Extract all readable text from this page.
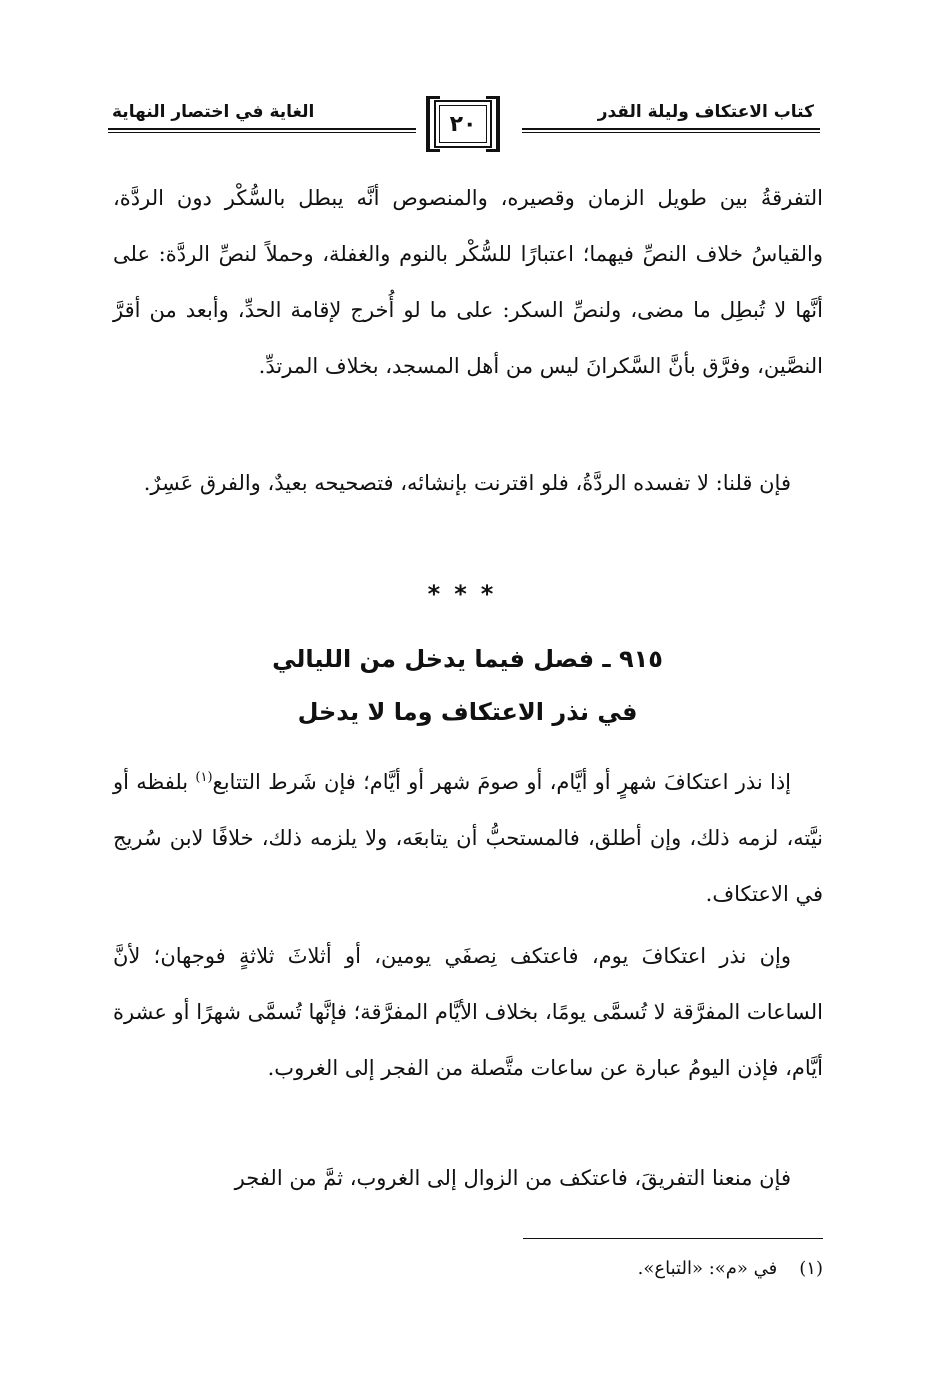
كتاب الاعتكاف وليلة القدر
الغاية في اختصار النهاية	٢٠

التفرقةُ بين طويل الزمان وقصيره، والمنصوص أنَّه يبطل بالسُّكْر دون الردَّة، والقياسُ خلاف النصِّ فيهما؛ اعتبارًا للسُّكْر بالنوم والغفلة، وحملاً لنصِّ الردَّة: على أنَّها لا تُبطِل ما مضى، ولنصِّ السكر: على ما لو أُخرج لإقامة الحدِّ، وأبعد من أقرَّ النصَّين، وفرَّق بأنَّ السَّكرانَ ليس من أهل المسجد، بخلاف المرتدِّ.

فإن قلنا: لا تفسده الردَّةُ، فلو اقترنت بإنشائه، فتصحيحه بعيدٌ، والفرق عَسِرٌ.

***
٩١٥ ـ فصل فيما يدخل من الليالي
في نذر الاعتكاف وما لا يدخل

إذا نذر اعتكافَ شهرٍ أو أيَّام، أو صومَ شهر أو أيَّام؛ فإن شَرط التتابع$^{(١)}$ بلفظه أو نيَّته، لزمه ذلك، وإن أطلق، فالمستحبُّ أن يتابعَه، ولا يلزمه ذلك، خلافًا لابن سُريج في الاعتكاف.

وإن نذر اعتكافَ يوم، فاعتكف نِصفَي يومين، أو أثلاثَ ثلاثةٍ فوجهان؛ لأنَّ الساعات المفرَّقة لا تُسمَّى يومًا، بخلاف الأيَّام المفرَّقة؛ فإنَّها تُسمَّى شهرًا أو عشرة أيَّام، فإذن اليومُ عبارة عن ساعات متَّصلة من الفجر إلى الغروب.

فإن منعنا التفريقَ، فاعتكف من الزوال إلى الغروب، ثمَّ من الفجر

(١)في «م»: «التباع».
